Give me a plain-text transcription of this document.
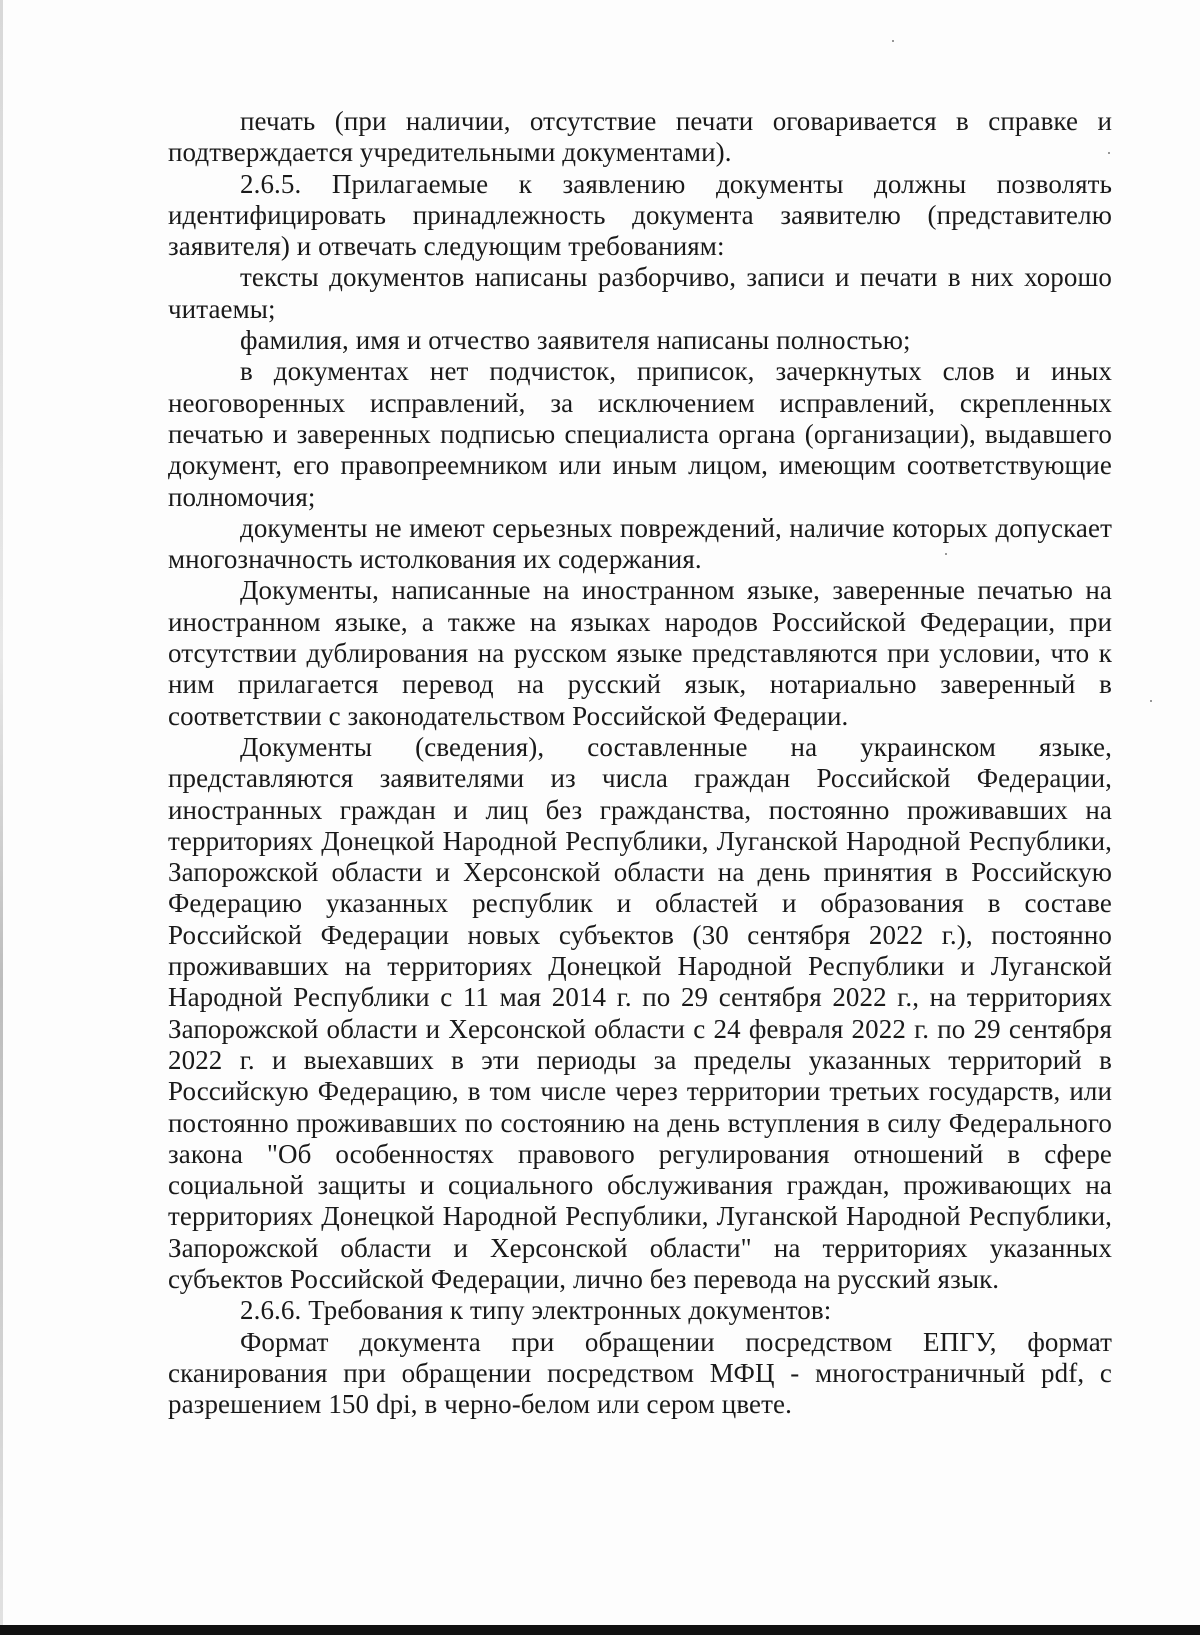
печать (при наличии, отсутствие печати оговаривается в справке и подтверждается учредительными документами).

2.6.5. Прилагаемые к заявлению документы должны позволять идентифицировать принадлежность документа заявителю (представителю заявителя) и отвечать следующим требованиям:

тексты документов написаны разборчиво, записи и печати в них хорошо читаемы;

фамилия, имя и отчество заявителя написаны полностью;

в документах нет подчисток, приписок, зачеркнутых слов и иных неоговоренных исправлений, за исключением исправлений, скрепленных печатью и заверенных подписью специалиста органа (организации), выдавшего документ, его правопреемником или иным лицом, имеющим соответствующие полномочия;

документы не имеют серьезных повреждений, наличие которых допускает многозначность истолкования их содержания.

Документы, написанные на иностранном языке, заверенные печатью на иностранном языке, а также на языках народов Российской Федерации, при отсутствии дублирования на русском языке представляются при условии, что к ним прилагается перевод на русский язык, нотариально заверенный в соответствии с законодательством Российской Федерации.

Документы (сведения), составленные на украинском языке, представляются заявителями из числа граждан Российской Федерации, иностранных граждан и лиц без гражданства, постоянно проживавших на территориях Донецкой Народной Республики, Луганской Народной Республики, Запорожской области и Херсонской области на день принятия в Российскую Федерацию указанных республик и областей и образования в составе Российской Федерации новых субъектов (30 сентября 2022 г.), постоянно проживавших на территориях Донецкой Народной Республики и Луганской Народной Республики с 11 мая 2014 г. по 29 сентября 2022 г., на территориях Запорожской области и Херсонской области с 24 февраля 2022 г. по 29 сентября 2022 г. и выехавших в эти периоды за пределы указанных территорий в Российскую Федерацию, в том числе через территории третьих государств, или постоянно проживавших по состоянию на день вступления в силу Федерального закона "Об особенностях правового регулирования отношений в сфере социальной защиты и социального обслуживания граждан, проживающих на территориях Донецкой Народной Республики, Луганской Народной Республики, Запорожской области и Херсонской области" на территориях указанных субъектов Российской Федерации, лично без перевода на русский язык.

2.6.6. Требования к типу электронных документов:

Формат документа при обращении посредством ЕПГУ, формат сканирования при обращении посредством МФЦ - многостраничный pdf, с разрешением 150 dpi, в черно-белом или сером цвете.
